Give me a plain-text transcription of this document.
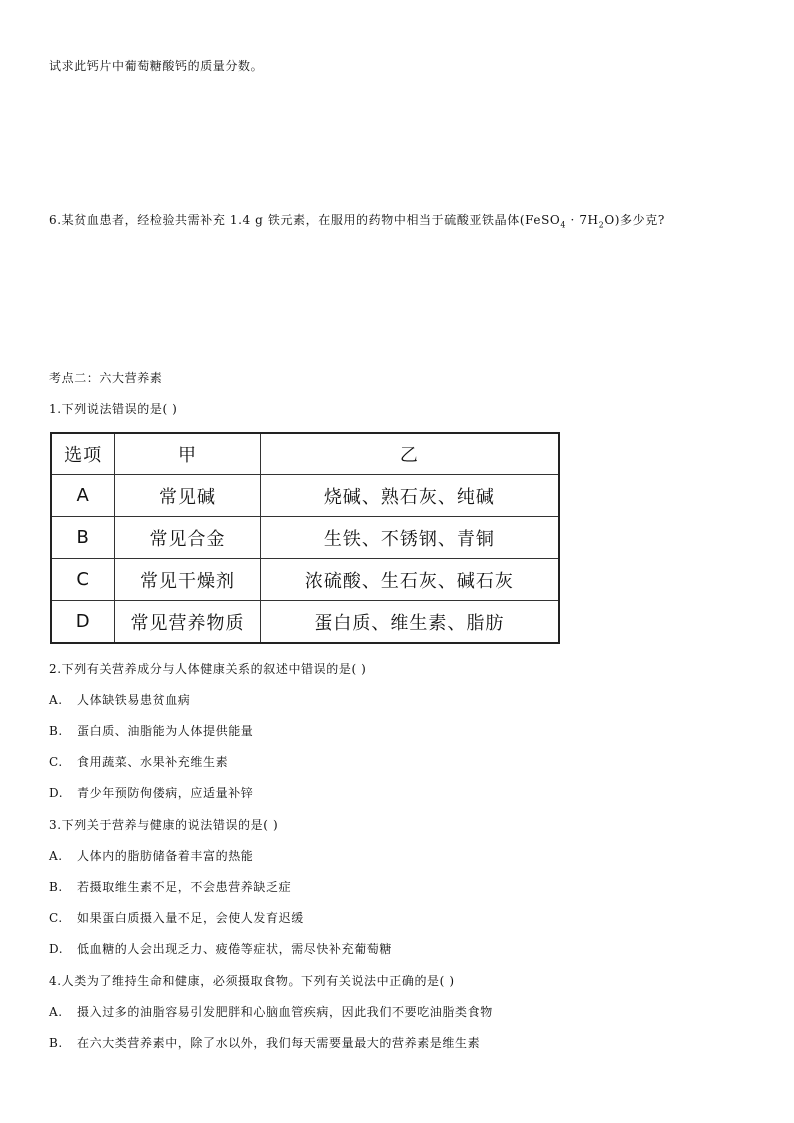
试求此钙片中葡萄糖酸钙的质量分数。
6.某贫血患者，经检验共需补充 1.4 g 铁元素，在服用的药物中相当于硫酸亚铁晶体(FeSO$_4$ · $7H_2O$)多少克?
考点二：六大营养素
1.下列说法错误的是( )
选项	甲	乙
A	常见碱	烧碱、熟石灰、纯碱
B	常见合金	生铁、不锈钢、青铜
C	常见干燥剂	浓硫酸、生石灰、碱石灰
D	常见营养物质	蛋白质、维生素、脂肪
2.下列有关营养成分与人体健康关系的叙述中错误的是( )
A. 人体缺铁易患贫血病
B. 蛋白质、油脂能为人体提供能量
C. 食用蔬菜、水果补充维生素
D. 青少年预防佝偻病，应适量补锌
3.下列关于营养与健康的说法错误的是( )
A. 人体内的脂肪储备着丰富的热能
B. 若摄取维生素不足，不会患营养缺乏症
C. 如果蛋白质摄入量不足，会使人发育迟缓
D. 低血糖的人会出现乏力、疲倦等症状，需尽快补充葡萄糖
4.人类为了维持生命和健康，必须摄取食物。下列有关说法中正确的是( )
A. 摄入过多的油脂容易引发肥胖和心脑血管疾病，因此我们不要吃油脂类食物
B. 在六大类营养素中，除了水以外，我们每天需要量最大的营养素是维生素
